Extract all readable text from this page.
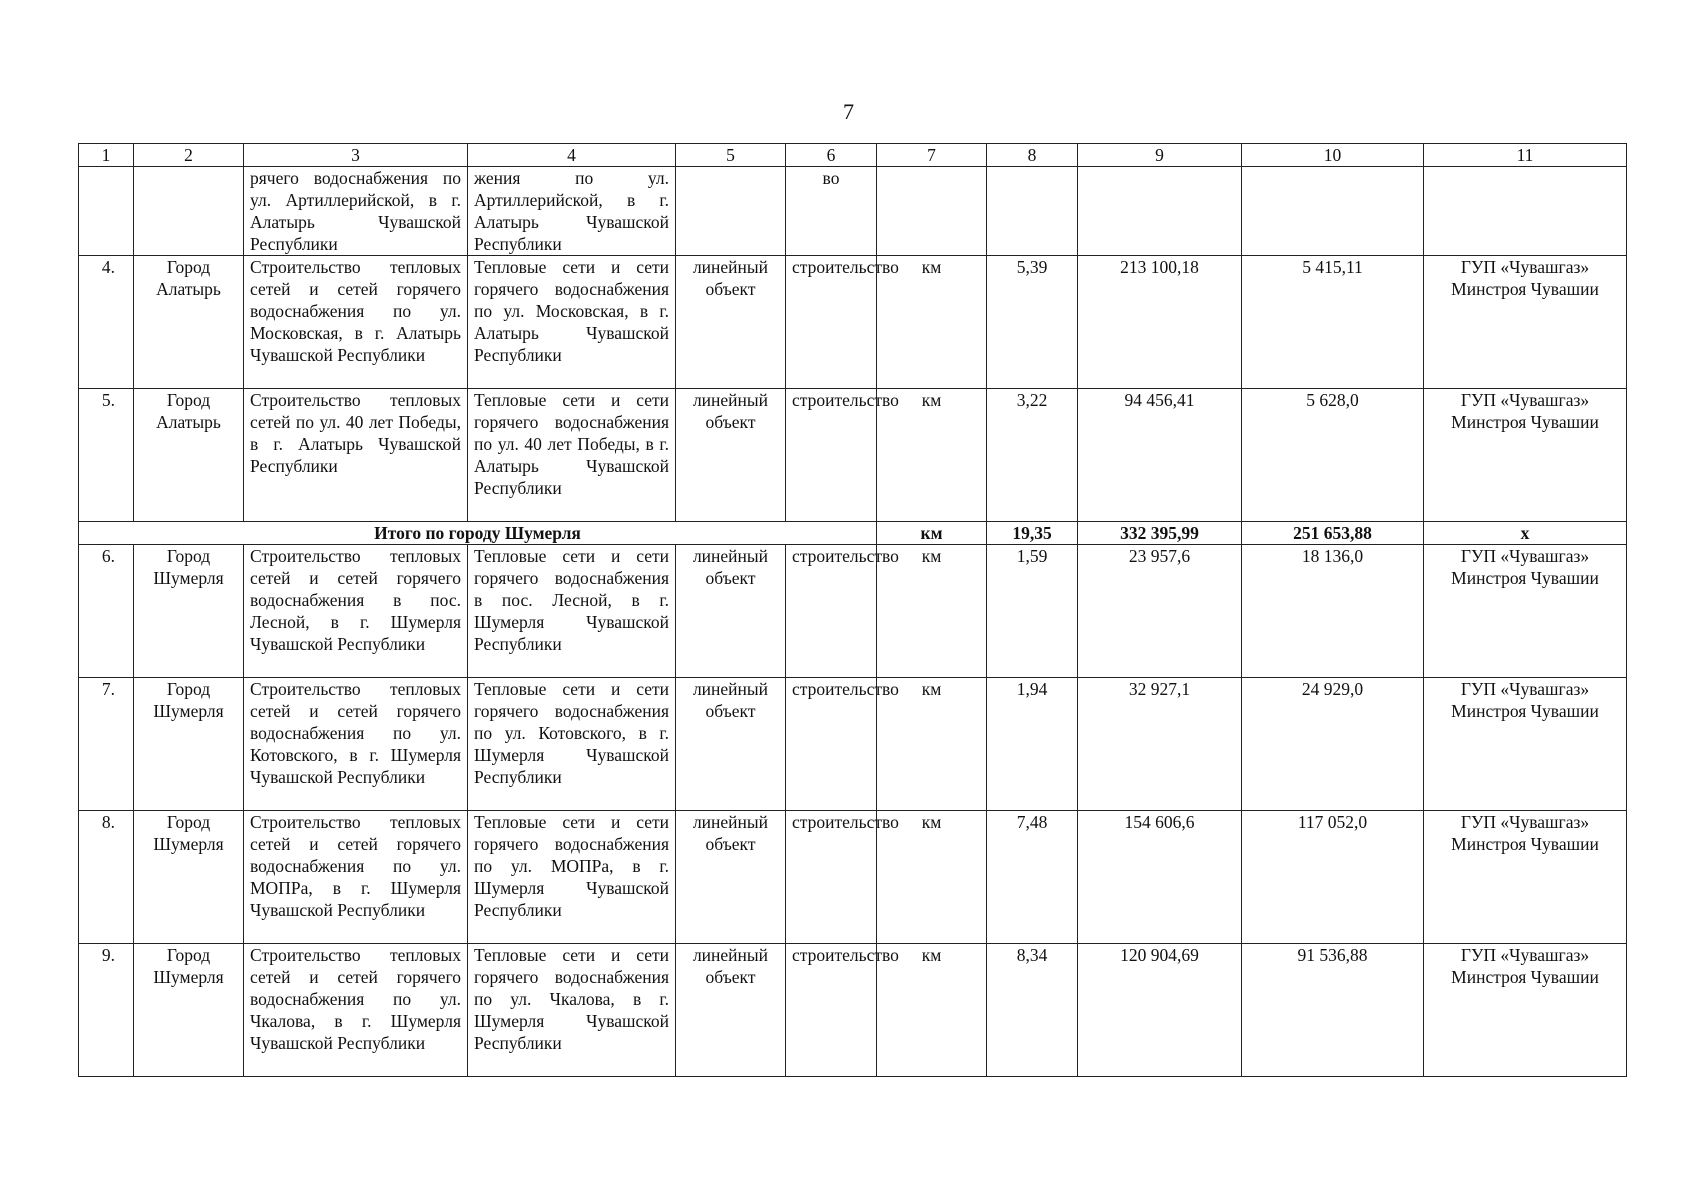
7
1	2	3	4	5	6	7	8	9	10	11
		рячего водоснабжения по ул. Артиллерийской, в г. Алатырь Чувашской Республики	жения по ул. Артиллерийской, в г. Алатырь Чувашской Республики		во					
4.	Город Алатырь	Строительство тепловых сетей и сетей горячего водоснабжения по ул. Московская, в г. Алатырь Чувашской Республики	Тепловые сети и сети горячего водоснабжения по ул. Московская, в г. Алатырь Чувашской Республики	линейный объект	строительство	км	5,39	213 100,18	5 415,11	ГУП «Чувашгаз» Минстроя Чувашии
5.	Город Алатырь	Строительство тепловых сетей по ул. 40 лет Победы, в г. Алатырь Чувашской Республики	Тепловые сети и сети горячего водоснабжения по ул. 40 лет Победы, в г. Алатырь Чувашской Республики	линейный объект	строительство	км	3,22	94 456,41	5 628,0	ГУП «Чувашгаз» Минстроя Чувашии
Итого по городу Шумерля						км	19,35	332 395,99	251 653,88	х
6.	Город Шумерля	Строительство тепловых сетей и сетей горячего водоснабжения в пос. Лесной, в г. Шумерля Чувашской Республики	Тепловые сети и сети горячего водоснабжения в пос. Лесной, в г. Шумерля Чувашской Республики	линейный объект	строительство	км	1,59	23 957,6	18 136,0	ГУП «Чувашгаз» Минстроя Чувашии
7.	Город Шумерля	Строительство тепловых сетей и сетей горячего водоснабжения по ул. Котовского, в г. Шумерля Чувашской Республики	Тепловые сети и сети горячего водоснабжения по ул. Котовского, в г. Шумерля Чувашской Республики	линейный объект	строительство	км	1,94	32 927,1	24 929,0	ГУП «Чувашгаз» Минстроя Чувашии
8.	Город Шумерля	Строительство тепловых сетей и сетей горячего водоснабжения по ул. МОПРа, в г. Шумерля Чувашской Республики	Тепловые сети и сети горячего водоснабжения по ул. МОПРа, в г. Шумерля Чувашской Республики	линейный объект	строительство	км	7,48	154 606,6	117 052,0	ГУП «Чувашгаз» Минстроя Чувашии
9.	Город Шумерля	Строительство тепловых сетей и сетей горячего водоснабжения по ул. Чкалова, в г. Шумерля Чувашской Республики	Тепловые сети и сети горячего водоснабжения по ул. Чкалова, в г. Шумерля Чувашской Республики	линейный объект	строительство	км	8,34	120 904,69	91 536,88	ГУП «Чувашгаз» Минстроя Чувашии
